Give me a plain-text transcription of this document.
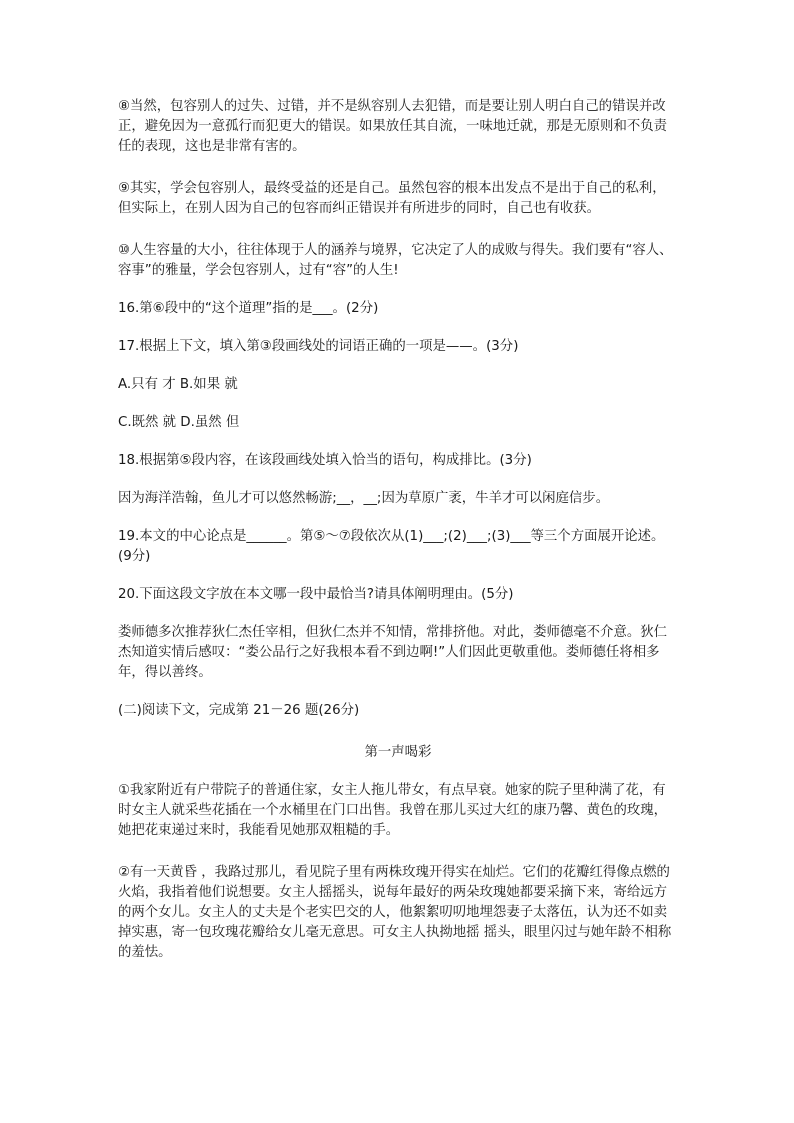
⑧当然，包容别人的过失、过错，并不是纵容别人去犯错，而是要让别人明白自己的错误并改正，避免因为一意孤行而犯更大的错误。如果放任其自流，一味地迁就，那是无原则和不负责任的表现，这也是非常有害的。

⑨其实，学会包容别人，最终受益的还是自己。虽然包容的根本出发点不是出于自己的私利，但实际上，在别人因为自己的包容而纠正错误并有所进步的同时，自己也有收获。

⑩人生容量的大小，往往体现于人的涵养与境界，它决定了人的成败与得失。我们要有“容人、容事”的雅量，学会包容别人，过有“容”的人生!

16.第⑥段中的“这个道理”指的是___。(2分)

17.根据上下文，填入第③段画线处的词语正确的一项是——。(3分)

A.只有 才 B.如果 就

C.既然 就 D.虽然 但

18.根据第⑤段内容，在该段画线处填入恰当的语句，构成排比。(3分)

因为海洋浩翰，鱼儿才可以悠然畅游;__，__;因为草原广袤，牛羊才可以闲庭信步。

19.本文的中心论点是______。第⑤～⑦段依次从(1)___;(2)___;(3)___等三个方面展开论述。(9分)

20.下面这段文字放在本文哪一段中最恰当?请具体阐明理由。(5分)

娄师德多次推荐狄仁杰任宰相，但狄仁杰并不知情，常排挤他。对此，娄师德毫不介意。狄仁杰知道实情后感叹：“娄公品行之好我根本看不到边啊!”人们因此更敬重他。娄师德任将相多年，得以善终。

(二)阅读下文，完成第 21－26 题(26分)

第一声喝彩

①我家附近有户带院子的普通住家，女主人拖儿带女，有点早衰。她家的院子里种满了花，有时女主人就采些花插在一个水桶里在门口出售。我曾在那儿买过大红的康乃馨、黄色的玫瑰，她把花束递过来时，我能看见她那双粗糙的手。

②有一天黄昏 ，我路过那儿，看见院子里有两株玫瑰开得实在灿烂。它们的花瓣红得像点燃的火焰，我指着他们说想要。女主人摇摇头，说每年最好的两朵玫瑰她都要采摘下来，寄给远方的两个女儿。女主人的丈夫是个老实巴交的人，他絮絮叨叨地埋怨妻子太落伍，认为还不如卖掉实惠，寄一包玫瑰花瓣给女儿毫无意思。可女主人执拗地摇 摇头，眼里闪过与她年龄不相称的羞怯。
